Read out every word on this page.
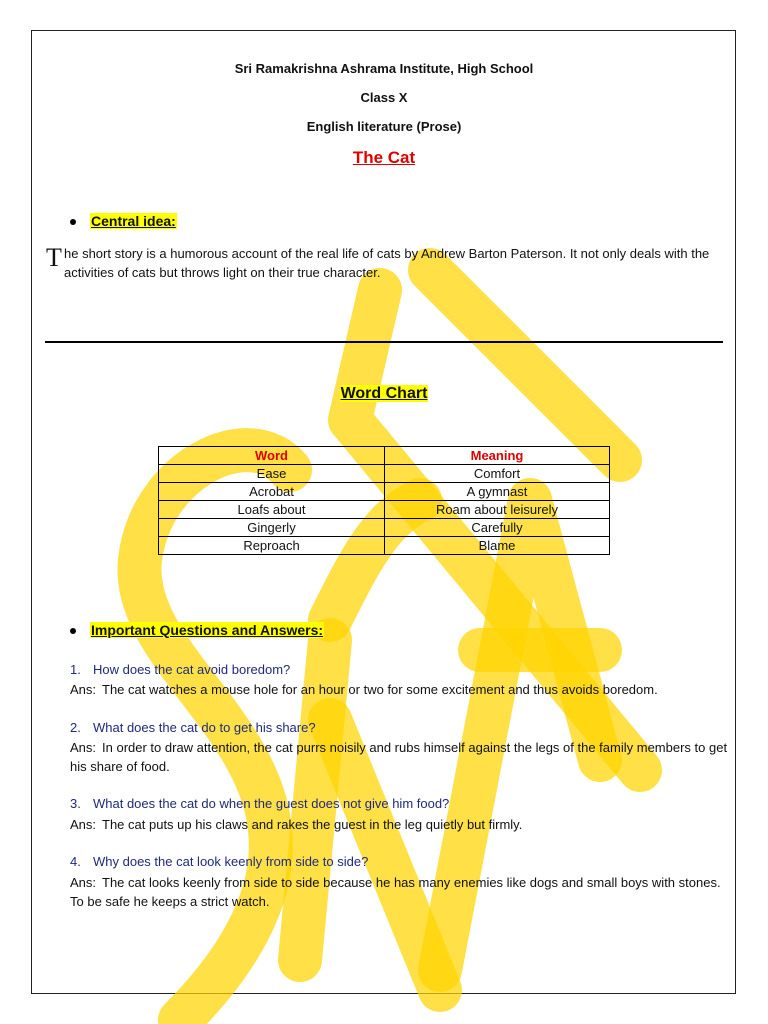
Sri Ramakrishna Ashrama Institute, High School
Class X
English literature (Prose)
The Cat
Central idea:
T he short story is a humorous account of the real life of cats by Andrew Barton Paterson. It not only deals with the activities of cats but throws light on their true character.
Word Chart
Word	Meaning
Ease	Comfort
Acrobat	A gymnast
Loafs about	Roam about leisurely
Gingerly	Carefully
Reproach	Blame
Important Questions and Answers:
1. How does the cat avoid boredom?
Ans: The cat watches a mouse hole for an hour or two for some excitement and thus avoids boredom.
2. What does the cat do to get his share?
Ans: In order to draw attention, the cat purrs noisily and rubs himself against the legs of the family members to get his share of food.
3. What does the cat do when the guest does not give him food?
Ans: The cat puts up his claws and rakes the guest in the leg quietly but firmly.
4. Why does the cat look keenly from side to side?
Ans: The cat looks keenly from side to side because he has many enemies like dogs and small boys with stones. To be safe he keeps a strict watch.
